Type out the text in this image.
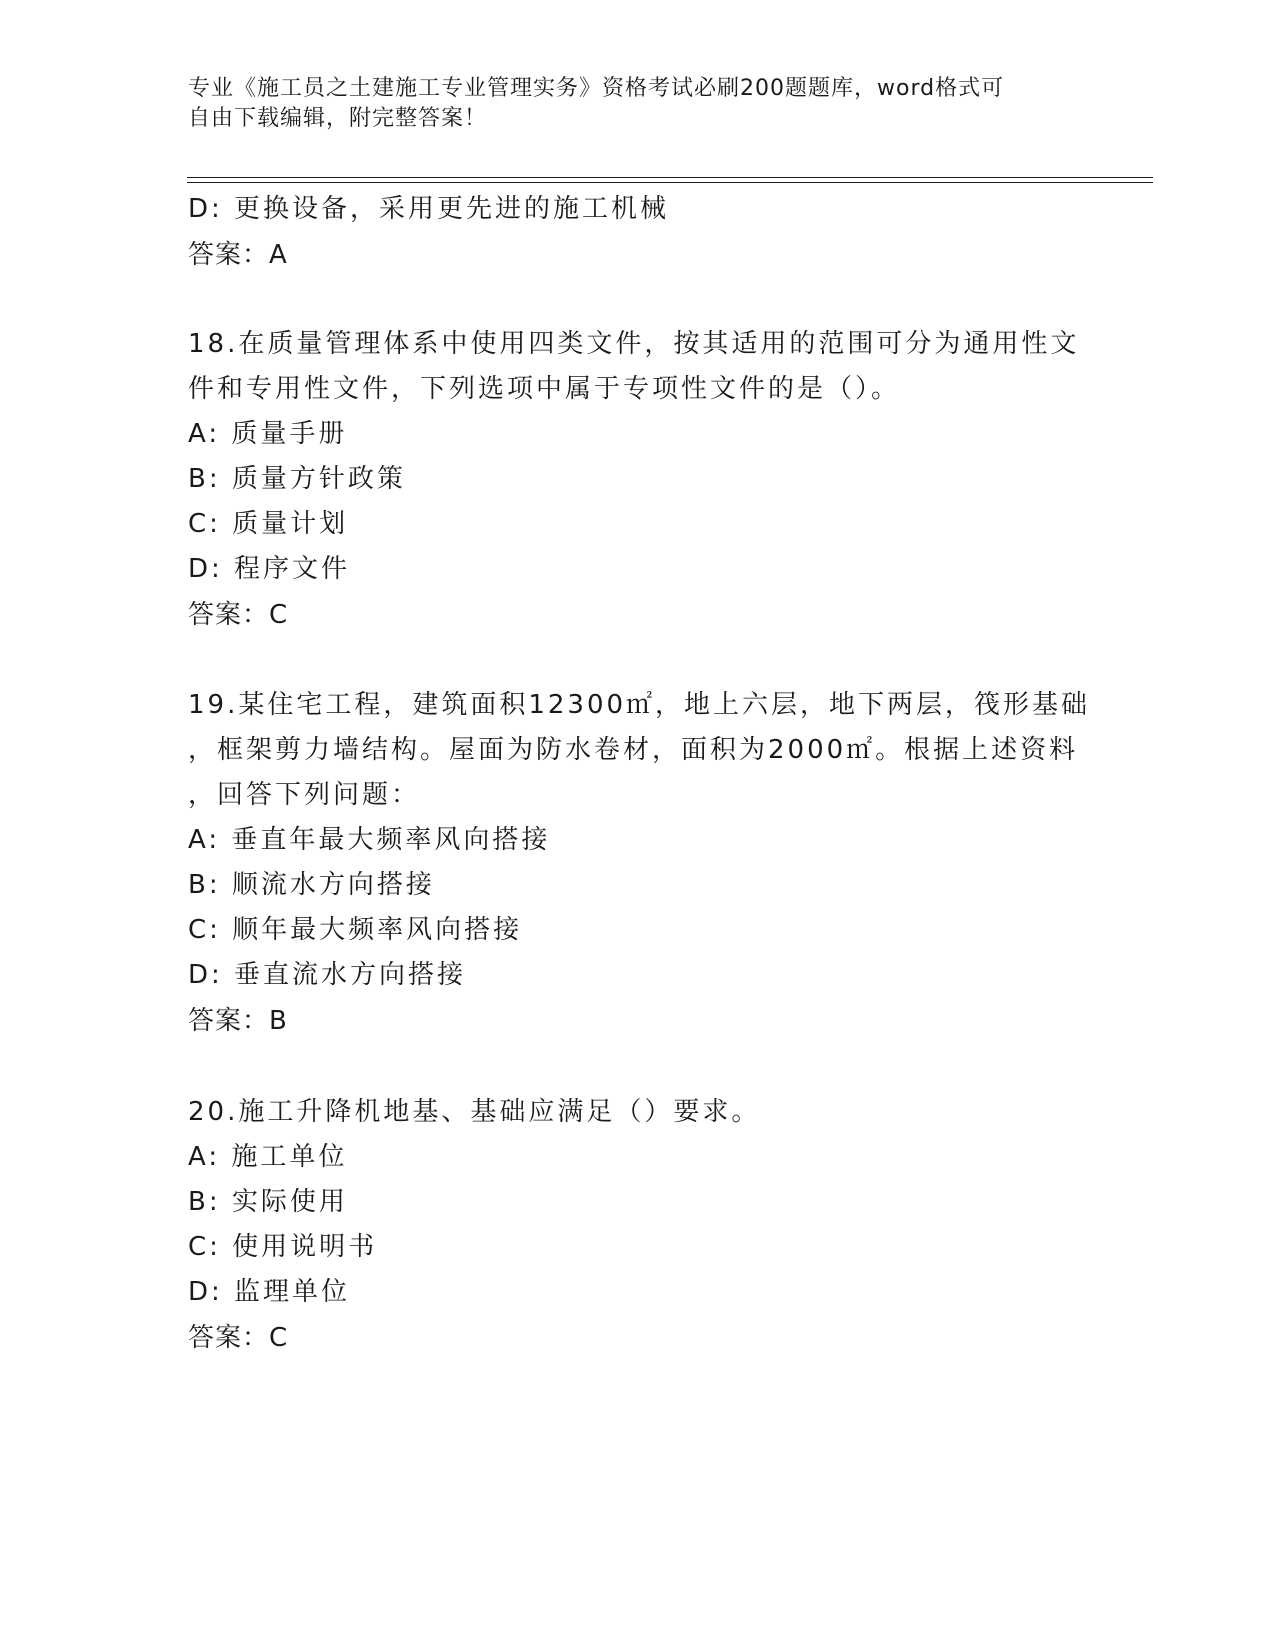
专业《施工员之土建施工专业管理实务》资格考试必刷200题题库，word格式可
自由下载编辑，附完整答案！
D: 更换设备，采用更先进的施工机械
答案：A
18.在质量管理体系中使用四类文件，按其适用的范围可分为通用性文
件和专用性文件，下列选项中属于专项性文件的是（）。
A: 质量手册
B: 质量方针政策
C: 质量计划
D: 程序文件
答案：C
19.某住宅工程，建筑面积12300㎡，地上六层，地下两层，筏形基础
，框架剪力墙结构。屋面为防水卷材，面积为2000㎡。根据上述资料
，回答下列问题：
A: 垂直年最大频率风向搭接
B: 顺流水方向搭接
C: 顺年最大频率风向搭接
D: 垂直流水方向搭接
答案：B
20.施工升降机地基、基础应满足（）要求。
A: 施工单位
B: 实际使用
C: 使用说明书
D: 监理单位
答案：C
